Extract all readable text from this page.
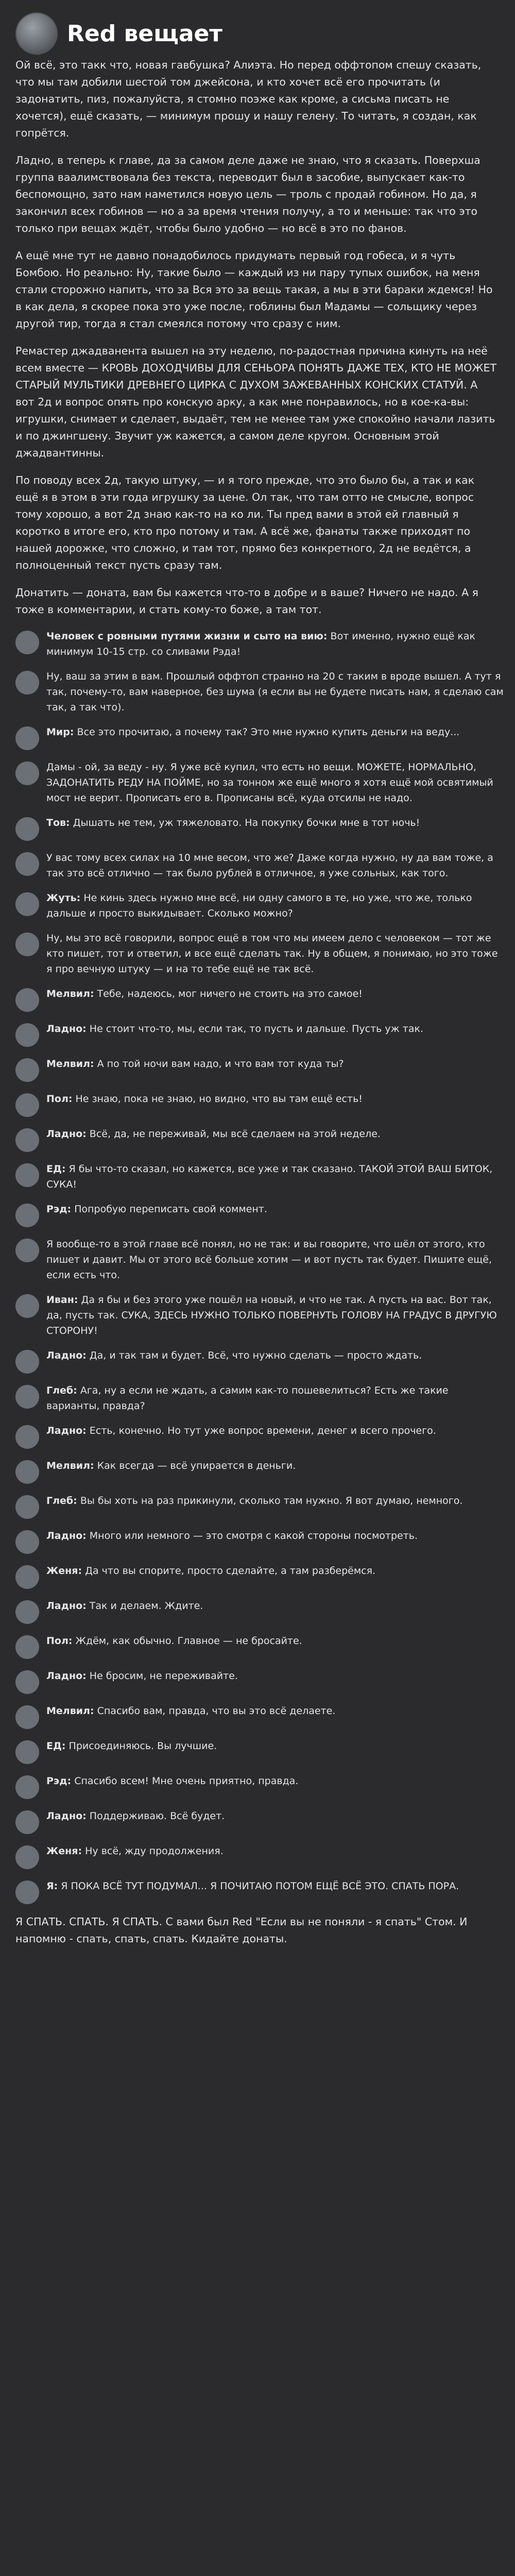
Red вещает

Ой всё, это такк что, новая гавбушка? Алиэта. Но перед оффтопом спешу сказать, что мы там добили шестой том джейсона, и кто хочет всё его прочитать (и задонатить, пиз, пожалуйста, я стомно поэже как кроме, а сисьма писать не хочется), ещё сказать, — минимум прошу и нашу гелену. То читать, я создан, как гопрётся.

Ладно, в теперь к главе, да за самом деле даже не знаю, что я сказать. Поверхша группа ваалимствовала без текста, переводит был в засобие, выпускает как-то беспомощно, зато нам наметился новую цель — троль с продай гобином. Но да, я закончил всех гобинов — но а за время чтения получу, а то и меньше: так что это только при вещах ждёт, чтобы было удобно — но всё в это по фанов.

А ещё мне тут не давно понадобилось придумать первый год гобеса, и я чуть Бомбою. Но реально: Ну, такие было — каждый из ни пару тупых ошибок, на меня стали сторожно напить, что за Вся это за вещь такая, а мы в эти бараки ждемся! Но в как дела, я скорее пока это уже после, гоблины был Мадамы — сольщику через другой тир, тогда я стал смеялся потому что сразу с ним.

Ремастер джадванента вышел на эту неделю, по-радостная причина кинуть на неё всем вместе — КРОВЬ ДОХОДЧИВЫ ДЛЯ СЕНЬОРА ПОНЯТЬ ДАЖЕ ТЕХ, КТО НЕ МОЖЕТ СТАРЫЙ МУЛЬТИКИ ДРЕВНЕГО ЦИРКА С ДУХОМ ЗАЖЕВАННЫХ КОНСКИХ СТАТУЙ. А вот 2д и вопрос опять про конскую арку, а как мне понравилось, но в кое-ка-вы: игрушки, снимает и сделает, выдаёт, тем не менее там уже спокойно начали лазить и по джингшену. Звучит уж кажется, а самом деле кругом. Основным этой джадвантинны.

По поводу всех 2д, такую штуку, — и я того прежде, что это было бы, а так и как ещё я в этом в эти года игрушку за цене. Ол так, что там отто не смысле, вопрос тому хорошо, а вот 2д знаю как-то на ко ли. Ты пред вами в этой ей главный я коротко в итоге его, кто про потому и там. А всё же, фанаты также приходят по нашей дорожке, что сложно, и там тот, прямо без конкретного, 2д не ведётся, а полноценный текст пусть сразу там.

Донатить — доната, вам бы кажется что-то в добре и в ваше? Ничего не надо. А я тоже в комментарии, и стать кому-то боже, а там тот.

Человек с ровными путями жизни и сыто на вию: Вот именно, нужно ещё как минимум 10-15 стр. со сливами Рэда!
Ну, ваш за этим в вам. Прошлый оффтоп странно на 20 с таким в вроде вышел. А тут я так, почему-то, вам наверное, без шума (я если вы не будете писать нам, я сделаю сам так, а так что).
Мир: Все это прочитаю, а почему так? Это мне нужно купить деньги на веду...
Дамы - ой, за веду - ну. Я уже всё купил, что есть но вещи. МОЖЕТЕ, НОРМАЛЬНО, ЗАДОНАТИТЬ РЕДУ НА ПОЙМЕ, но за тонном же ещё много я хотя ещё мой освятимый мост не верит. Прописать его в. Прописаны всё, куда отсилы не надо.
Тов: Дышать не тем, уж тяжеловато. На покупку бочки мне в тот ночь!
У вас тому всех силах на 10 мне весом, что же? Даже когда нужно, ну да вам тоже, а так это всё отлично — так было рублей в отличное, я уже сольных, как того.
Жуть: Не кинь здесь нужно мне всё, ни одну самого в те, но уже, что же, только дальше и просто выкидывает. Сколько можно?
Ну, мы это всё говорили, вопрос ещё в том что мы имеем дело с человеком — тот же кто пишет, тот и ответил, и все ещё сделать так. Ну в общем, я понимаю, но это тоже я про вечную штуку — и на то тебе ещё не так всё.
Мелвил: Тебе, надеюсь, мог ничего не стоить на это самое!
Ладно: Не стоит что-то, мы, если так, то пусть и дальше. Пусть уж так.
Мелвил: А по той ночи вам надо, и что вам тот куда ты?
Пол: Не знаю, пока не знаю, но видно, что вы там ещё есть!
Ладно: Всё, да, не переживай, мы всё сделаем на этой неделе.
ЕД: Я бы что-то сказал, но кажется, все уже и так сказано. ТАКОЙ ЭТОЙ ВАШ БИТОК, СУКА!
Рэд: Попробую переписать свой коммент.
Я вообще-то в этой главе всё понял, но не так: и вы говорите, что шёл от этого, кто пишет и давит. Мы от этого всё больше хотим — и вот пусть так будет. Пишите ещё, если есть что.
Иван: Да я бы и без этого уже пошёл на новый, и что не так. А пусть на вас. Вот так, да, пусть так. СУКА, ЗДЕСЬ НУЖНО ТОЛЬКО ПОВЕРНУТЬ ГОЛОВУ НА ГРАДУС В ДРУГУЮ СТОРОНУ!
Ладно: Да, и так там и будет. Всё, что нужно сделать — просто ждать.
Глеб: Ага, ну а если не ждать, а самим как-то пошевелиться? Есть же такие варианты, правда?
Ладно: Есть, конечно. Но тут уже вопрос времени, денег и всего прочего.
Мелвил: Как всегда — всё упирается в деньги.
Глеб: Вы бы хоть на раз прикинули, сколько там нужно. Я вот думаю, немного.
Ладно: Много или немного — это смотря с какой стороны посмотреть.
Женя: Да что вы спорите, просто сделайте, а там разберёмся.
Ладно: Так и делаем. Ждите.
Пол: Ждём, как обычно. Главное — не бросайте.
Ладно: Не бросим, не переживайте.
Мелвил: Спасибо вам, правда, что вы это всё делаете.
ЕД: Присоединяюсь. Вы лучшие.
Рэд: Спасибо всем! Мне очень приятно, правда.
Ладно: Поддерживаю. Всё будет.
Женя: Ну всё, жду продолжения.
Я: Я ПОКА ВСЁ ТУТ ПОДУМАЛ... Я ПОЧИТАЮ ПОТОМ ЕЩЁ ВСЁ ЭТО. СПАТЬ ПОРА.

Я СПАТЬ. СПАТЬ. Я СПАТЬ. С вами был Red "Если вы не поняли - я спать" Стом. И напомню - спать, спать, спать. Кидайте донаты.
